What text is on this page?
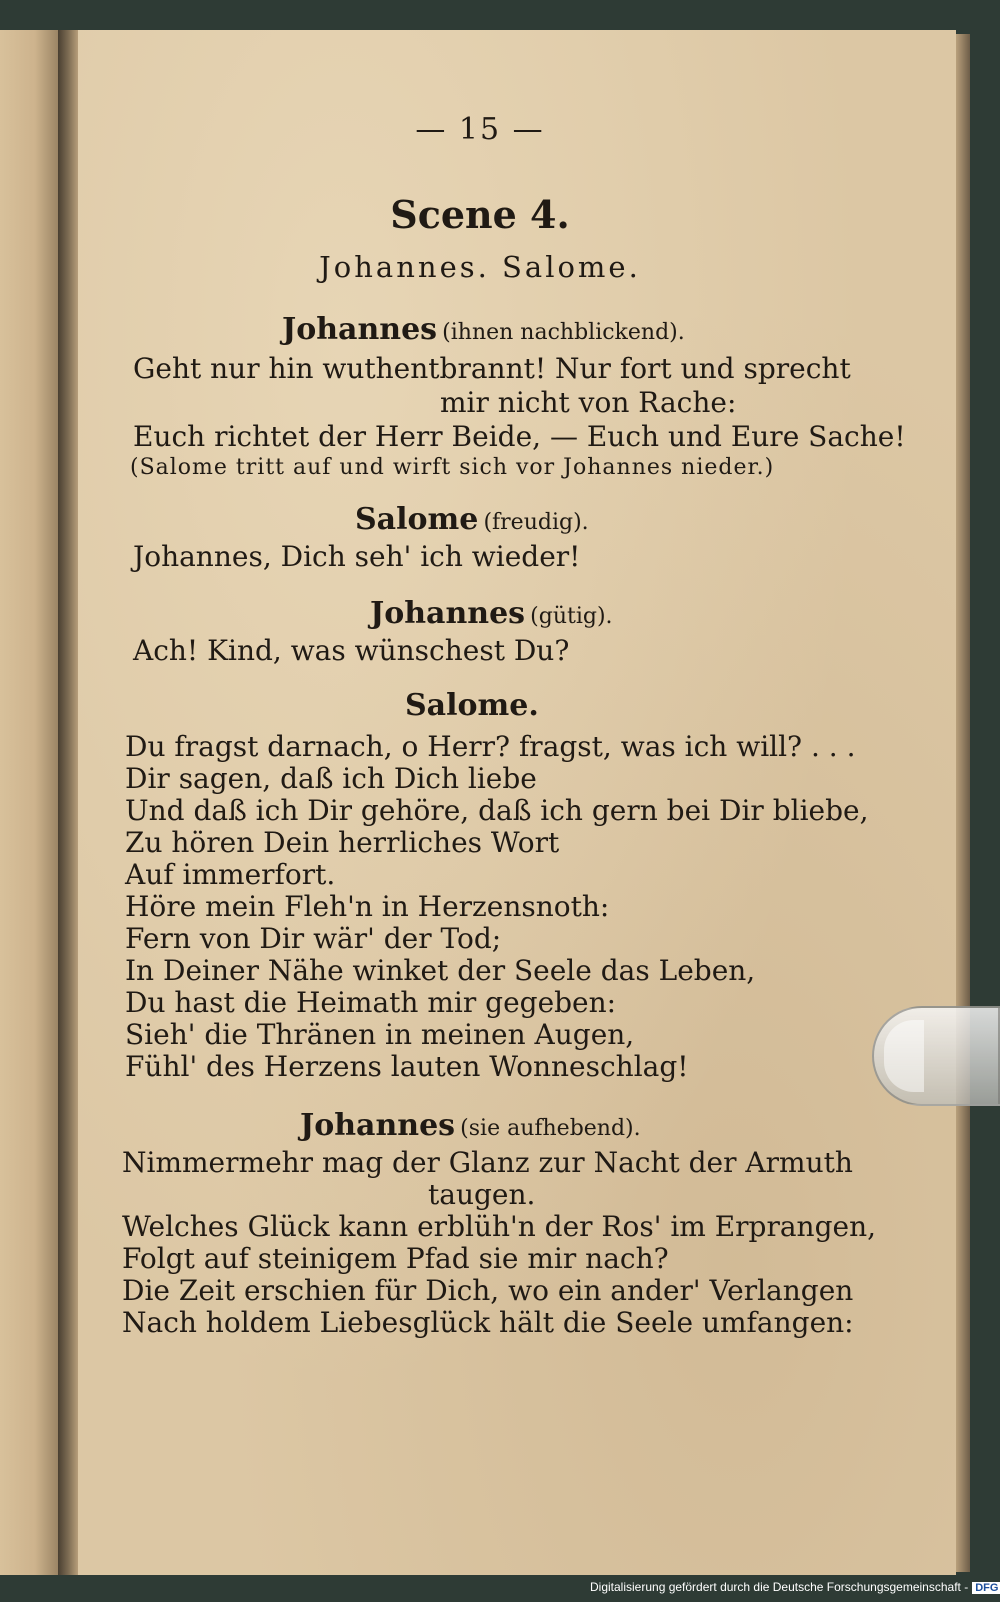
— 15 —
Scene 4.
Johannes. Salome.
Johannes (ihnen nachblickend).
Geht nur hin wuthentbrannt! Nur fort und sprecht
mir nicht von Rache:
Euch richtet der Herr Beide, — Euch und Eure Sache!
(Salome tritt auf und wirft sich vor Johannes nieder.)
Salome (freudig).
Johannes, Dich seh' ich wieder!
Johannes (gütig).
Ach! Kind, was wünschest Du?
Salome.
Du fragst darnach, o Herr? fragst, was ich will? . . .
Dir sagen, daß ich Dich liebe
Und daß ich Dir gehöre, daß ich gern bei Dir bliebe,
Zu hören Dein herrliches Wort
Auf immerfort.
Höre mein Fleh'n in Herzensnoth:
Fern von Dir wär' der Tod;
In Deiner Nähe winket der Seele das Leben,
Du hast die Heimath mir gegeben:
Sieh' die Thränen in meinen Augen,
Fühl' des Herzens lauten Wonneschlag!
Johannes (sie aufhebend).
Nimmermehr mag der Glanz zur Nacht der Armuth
taugen.
Welches Glück kann erblüh'n der Ros' im Erprangen,
Folgt auf steinigem Pfad sie mir nach?
Die Zeit erschien für Dich, wo ein ander' Verlangen
Nach holdem Liebesglück hält die Seele umfangen:
Digitalisierung gefördert durch die Deutsche Forschungsgemeinschaft - DFG
